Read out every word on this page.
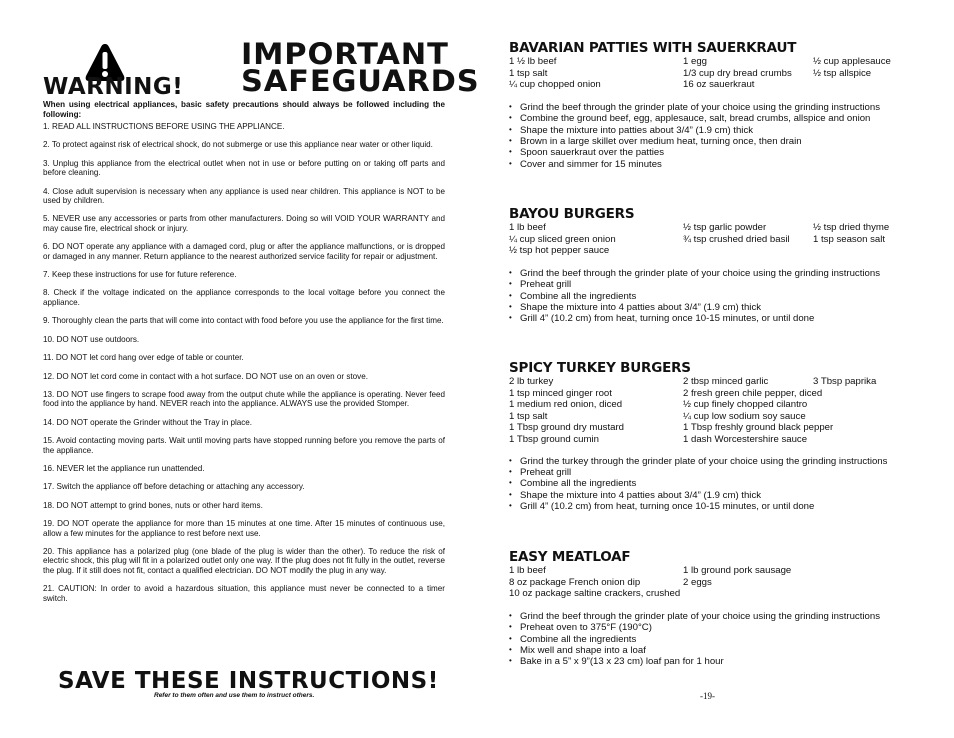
WARNING!
IMPORTANT
SAFEGUARDS
When using electrical appliances, basic safety precautions should always be followed including the following:

1. READ ALL INSTRUCTIONS BEFORE USING THE APPLIANCE.

2. To protect against risk of electrical shock, do not submerge or use this appliance near water or other liquid.

3. Unplug this appliance from the electrical outlet when not in use or before putting on or taking off parts and before cleaning.

4. Close adult supervision is necessary when any appliance is used near children. This appliance is NOT to be used by children.

5. NEVER use any accessories or parts from other manufacturers. Doing so will VOID YOUR WARRANTY and may cause fire, electrical shock or injury.

6. DO NOT operate any appliance with a damaged cord, plug or after the appliance malfunctions, or is dropped or damaged in any manner. Return appliance to the nearest authorized service facility for repair or adjustment.

7. Keep these instructions for use for future reference.

8. Check if the voltage indicated on the appliance corresponds to the local voltage before you connect the appliance.

9. Thoroughly clean the parts that will come into contact with food before you use the appliance for the first time.

10. DO NOT use outdoors.

11. DO NOT let cord hang over edge of table or counter.

12. DO NOT let cord come in contact with a hot surface. DO NOT use on an oven or stove.

13. DO NOT use fingers to scrape food away from the output chute while the appliance is operating. Never feed food into the appliance by hand. NEVER reach into the appliance. ALWAYS use the provided Stomper.

14. DO NOT operate the Grinder without the Tray in place.

15. Avoid contacting moving parts. Wait until moving parts have stopped running before you remove the parts of the appliance.

16. NEVER let the appliance run unattended.

17. Switch the appliance off before detaching or attaching any accessory.

18. DO NOT attempt to grind bones, nuts or other hard items.

19. DO NOT operate the appliance for more than 15 minutes at one time. After 15 minutes of continuous use, allow a few minutes for the appliance to rest before next use.

20. This appliance has a polarized plug (one blade of the plug is wider than the other). To reduce the risk of electric shock, this plug will fit in a polarized outlet only one way. If the plug does not fit fully in the outlet, reverse the plug. If it still does not fit, contact a qualified electrician. DO NOT modify the plug in any way.

21. CAUTION: In order to avoid a hazardous situation, this appliance must never be connected to a timer switch.

SAVE THESE INSTRUCTIONS!
Refer to them often and use them to instruct others.
BAVARIAN PATTIES WITH SAUERKRAUT
1 ½ lb beef	1 egg	½ cup applesauce
1 tsp salt	1/3 cup dry bread crumbs	½ tsp allspice
¼ cup chopped onion	16 oz sauerkraut
• Grind the beef through the grinder plate of your choice using the grinding instructions
• Combine the ground beef, egg, applesauce, salt, bread crumbs, allspice and onion
• Shape the mixture into patties about 3/4” (1.9 cm) thick
• Brown in a large skillet over medium heat, turning once, then drain
• Spoon sauerkraut over the patties
• Cover and simmer for 15 minutes
BAYOU BURGERS
1 lb beef	½ tsp garlic powder	½ tsp dried thyme
¼ cup sliced green onion	¾ tsp crushed dried basil	1 tsp season salt
½ tsp hot pepper sauce
• Grind the beef through the grinder plate of your choice using the grinding instructions
• Preheat grill
• Combine all the ingredients
• Shape the mixture into 4 patties about 3/4” (1.9 cm) thick
• Grill 4” (10.2 cm) from heat, turning once 10-15 minutes, or until done
SPICY TURKEY BURGERS
2 lb turkey	2 tbsp minced garlic	3 Tbsp paprika
1 tsp minced ginger root	2 fresh green chile pepper, diced
1 medium red onion, diced	½ cup finely chopped cilantro
1 tsp salt	¼ cup low sodium soy sauce
1 Tbsp ground dry mustard	1 Tbsp freshly ground black pepper
1 Tbsp ground cumin	1 dash Worcestershire sauce
• Grind the turkey through the grinder plate of your choice using the grinding instructions
• Preheat grill
• Combine all the ingredients
• Shape the mixture into 4 patties about 3/4” (1.9 cm) thick
• Grill 4” (10.2 cm) from heat, turning once 10-15 minutes, or until done
EASY MEATLOAF
1 lb beef	1 lb ground pork sausage
8 oz package French onion dip	2 eggs
10 oz package saltine crackers, crushed
• Grind the beef through the grinder plate of your choice using the grinding instructions
• Preheat oven to 375°F (190°C)
• Combine all the ingredients
• Mix well and shape into a loaf
• Bake in a 5” x 9”(13 x 23 cm) loaf pan for 1 hour
-19-
